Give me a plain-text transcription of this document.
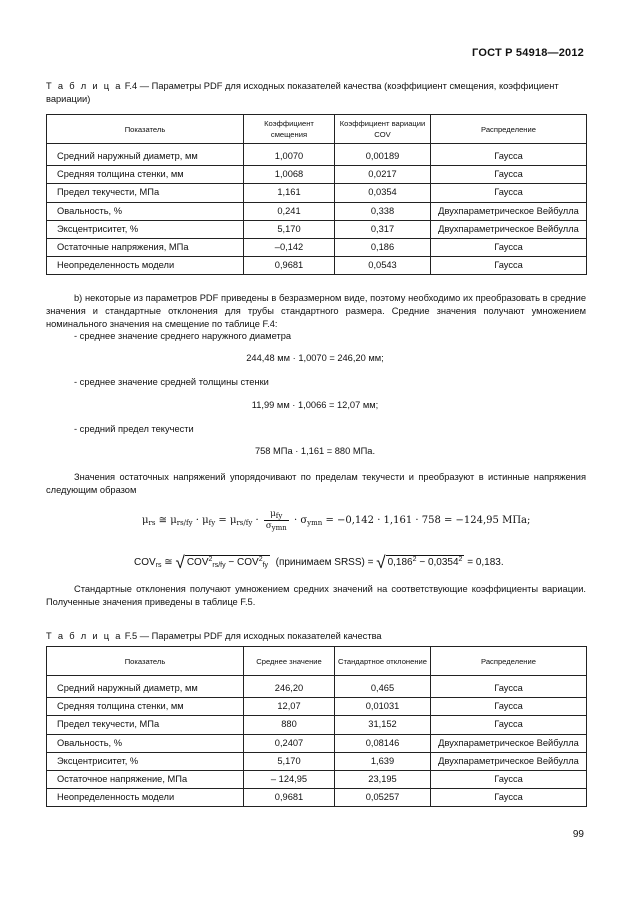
ГОСТ Р 54918—2012
Т а б л и ц а F.4 — Параметры PDF для исходных показателей качества (коэффициент смещения, коэффициент вариации)
Показатель	Коэффициент смещения	Коэффициент вариации COV	Распределение

Средний наружный диаметр, мм	1,0070	0,00189	Гаусса
Средняя толщина стенки, мм	1,0068	0,0217	Гаусса
Предел текучести, МПа	1,161	0,0354	Гаусса
Овальность, %	0,241	0,338	Двухпараметрическое Вейбулла
Эксцентриситет, %	5,170	0,317	Двухпараметрическое Вейбулла
Остаточные напряжения, МПа	–0,142	0,186	Гаусса
Неопределенность модели	0,9681	0,0543	Гаусса
b) некоторые из параметров PDF приведены в безразмерном виде, поэтому необходимо их преобразовать в средние значения и стандартные отклонения для трубы стандартного размера. Средние значения получают умножением номинального значения на смещение по таблице F.4:
- среднее значение среднего наружного диаметра
244,48 мм · 1,0070 = 246,20 мм;
- среднее значение средней толщины стенки
11,99 мм · 1,0066 = 12,07 мм;
- средний предел текучести
758 МПа · 1,161 = 880 МПа.
Значения остаточных напряжений упорядочивают по пределам текучести и преобразуют в истинные напряжения следующим образом
$\mu_{rs}$ ≅ $\mu_{rs/fy} \cdot \mu_{fy} = \mu_{rs/fy} \cdot \frac{\mu_{fy}}{\sigma_{ymn}} \cdot \sigma_{ymn} = -0,142 \cdot 1,161 \cdot 758 = -124,95$ МПа;
$COV_{rs}$ ≅ √ $COV^2_{rs/fy} - COV^2_{fy}$ (принимаем SRSS) = √ $0,186^2 - 0,0354^2 = 0,183$.
Стандартные отклонения получают умножением средних значений на соответствующие коэффициенты вариации. Полученные значения приведены в таблице F.5.
Т а б л и ц а F.5 — Параметры PDF для исходных показателей качества
Показатель	Среднее значение	Стандартное отклонение	Распределение

Средний наружный диаметр, мм	246,20	0,465	Гаусса
Средняя толщина стенки, мм	12,07	0,01031	Гаусса
Предел текучести, МПа	880	31,152	Гаусса
Овальность, %	0,2407	0,08146	Двухпараметрическое Вейбулла
Эксцентриситет, %	5,170	1,639	Двухпараметрическое Вейбулла
Остаточное напряжение, МПа	– 124,95	23,195	Гаусса
Неопределенность модели	0,9681	0,05257	Гаусса
99
